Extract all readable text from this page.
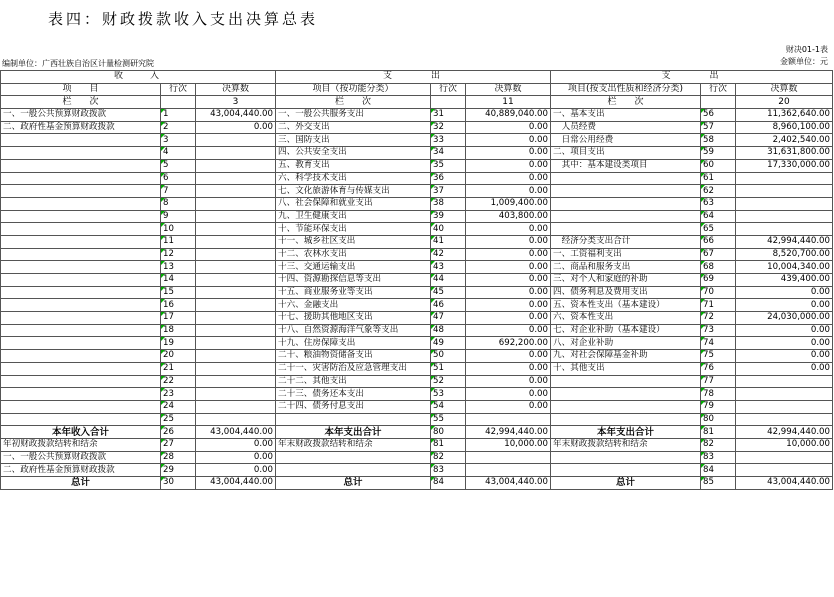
表四：财政拨款收入支出决算总表
财决01-1表
金额单位：元
编制单位：广西壮族自治区计量检测研究院
收　　入			支　　　出			支　　　出		
项　　目	行次	决算数	项目（按功能分类）	行次	决算数	项目(按支出性质和经济分类)	行次	决算数
栏　　次		3	栏　　次		11	栏　　次		20
一、一般公共预算财政拨款	1	43,004,440.00	一、一般公共服务支出	31	40,889,040.00	一、基本支出	56	11,362,640.00
二、政府性基金预算财政拨款	2	0.00	二、外交支出	32	0.00	　人员经费	57	8,960,100.00
	3		三、国防支出	33	0.00	　日常公用经费	58	2,402,540.00
	4		四、公共安全支出	34	0.00	二、项目支出	59	31,631,800.00
	5		五、教育支出	35	0.00	　其中：基本建设类项目	60	17,330,000.00
	6		六、科学技术支出	36	0.00		61	
	7		七、文化旅游体育与传媒支出	37	0.00		62	
	8		八、社会保障和就业支出	38	1,009,400.00		63	
	9		九、卫生健康支出	39	403,800.00		64	
	10		十、节能环保支出	40	0.00		65	
	11		十一、城乡社区支出	41	0.00	　经济分类支出合计	66	42,994,440.00
	12		十二、农林水支出	42	0.00	一、工资福利支出	67	8,520,700.00
	13		十三、交通运输支出	43	0.00	二、商品和服务支出	68	10,004,340.00
	14		十四、资源勘探信息等支出	44	0.00	三、对个人和家庭的补助	69	439,400.00
	15		十五、商业服务业等支出	45	0.00	四、债务利息及费用支出	70	0.00
	16		十六、金融支出	46	0.00	五、资本性支出（基本建设）	71	0.00
	17		十七、援助其他地区支出	47	0.00	六、资本性支出	72	24,030,000.00
	18		十八、自然资源海洋气象等支出	48	0.00	七、对企业补助（基本建设）	73	0.00
	19		十九、住房保障支出	49	692,200.00	八、对企业补助	74	0.00
	20		二十、粮油物资储备支出	50	0.00	九、对社会保障基金补助	75	0.00
	21		二十一、灾害防治及应急管理支出	51	0.00	十、其他支出	76	0.00
	22		二十二、其他支出	52	0.00		77	
	23		二十三、债务还本支出	53	0.00		78	
	24		二十四、债务付息支出	54	0.00		79	
	25			55			80	
本年收入合计	26	43,004,440.00	本年支出合计	80	42,994,440.00	本年支出合计	81	42,994,440.00
年初财政拨款结转和结余	27	0.00	年末财政拨款结转和结余	81	10,000.00	年末财政拨款结转和结余	82	10,000.00
一、一般公共预算财政拨款	28	0.00		82			83	
二、政府性基金预算财政拨款	29	0.00		83			84	
总计	30	43,004,440.00	总计	84	43,004,440.00	总计	85	43,004,440.00
